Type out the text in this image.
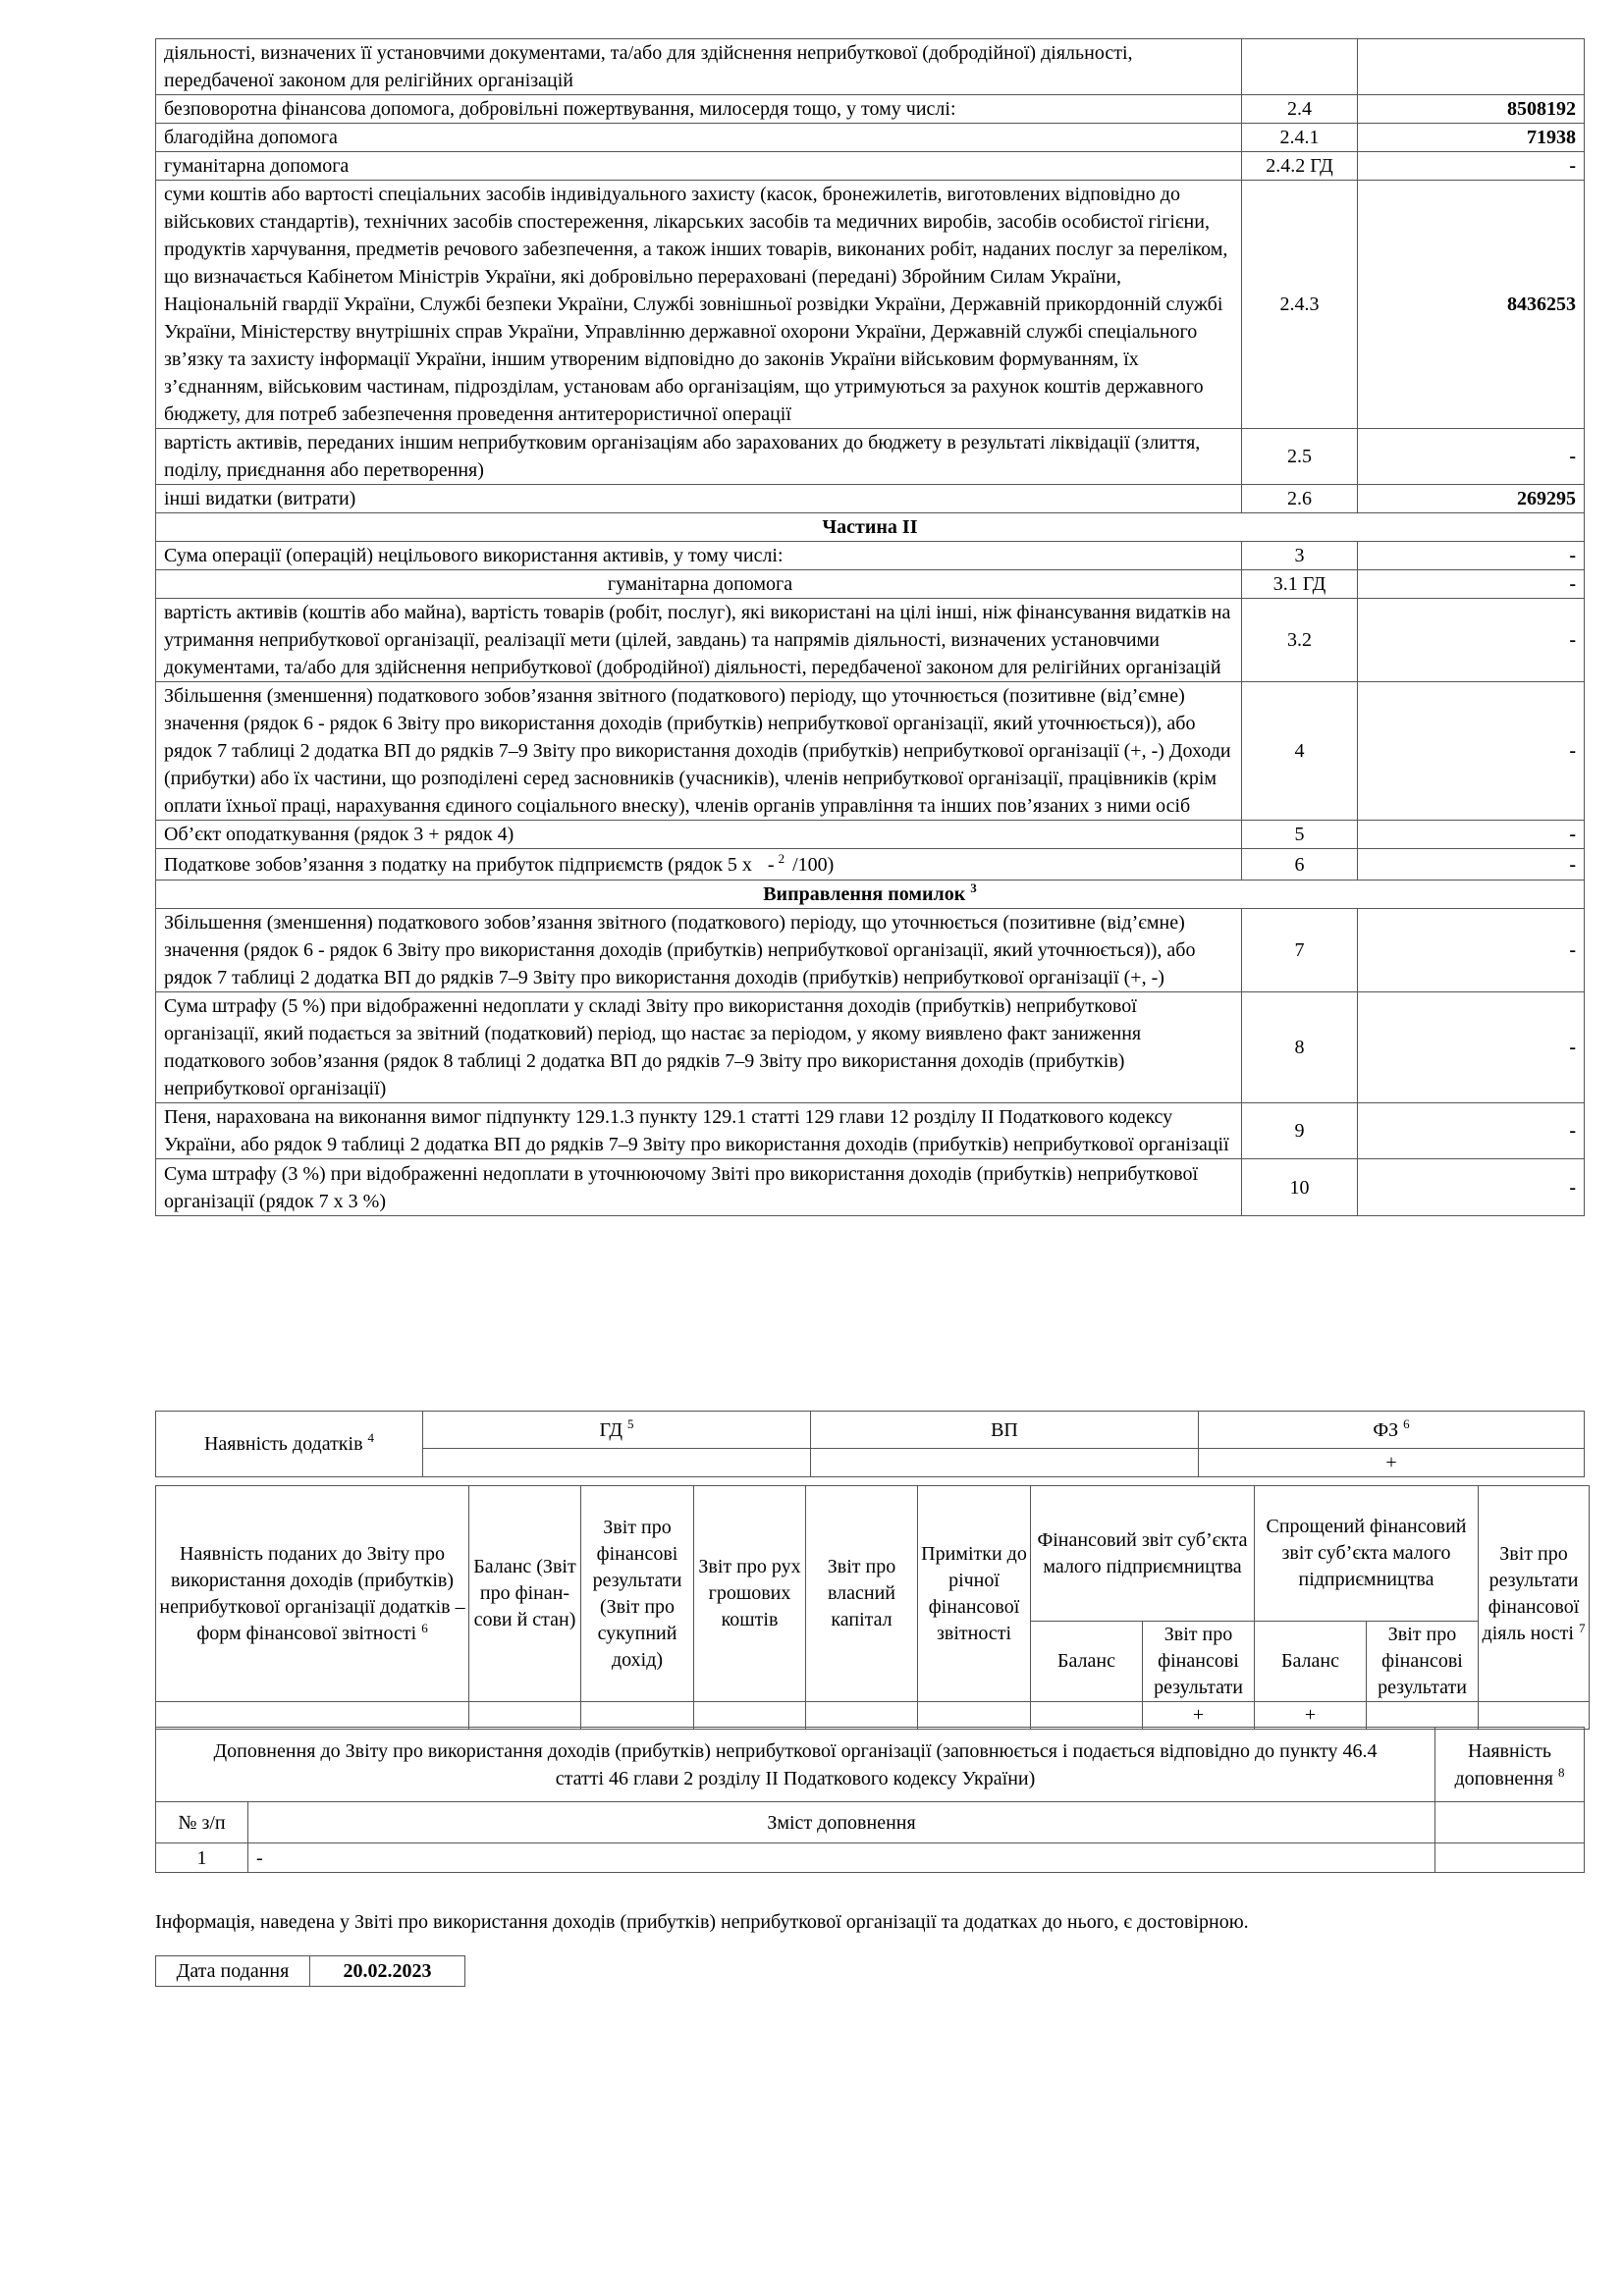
діяльності, визначених її установчими документами, та/або для здійснення неприбуткової (добродійної) діяльності, передбаченої законом для релігійних організацій		
безповоротна фінансова допомога, добровільні пожертвування, милосердя тощо, у тому числі:	2.4	8508192
благодійна допомога	2.4.1	71938
гуманітарна допомога	2.4.2 ГД	-
суми коштів або вартості спеціальних засобів індивідуального захисту (касок, бронежилетів, виготовлених відповідно до військових стандартів), технічних засобів спостереження, лікарських засобів та медичних виробів, засобів особистої гігієни, продуктів харчування, предметів речового забезпечення, а також інших товарів, виконаних робіт, наданих послуг за переліком, що визначається Кабінетом Міністрів України, які добровільно перераховані (передані) Збройним Силам України, Національній гвардії України, Службі безпеки України, Службі зовнішньої розвідки України, Державній прикордонній службі України, Міністерству внутрішніх справ України, Управлінню державної охорони України, Державній службі спеціального зв’язку та захисту інформації України, іншим утвореним відповідно до законів України військовим формуванням, їх з’єднанням, військовим частинам, підрозділам, установам або організаціям, що утримуються за рахунок коштів державного бюджету, для потреб забезпечення проведення антитерористичної операції	2.4.3	8436253
вартість активів, переданих іншим неприбутковим організаціям або зарахованих до бюджету в результаті ліквідації (злиття, поділу, приєднання або перетворення)	2.5	-
інші видатки (витрати)	2.6	269295
Частина ІІ		
Сума операції (операцій) нецільового використання активів, у тому числі:	3	-
гуманітарна допомога	3.1 ГД	-
вартість активів (коштів або майна), вартість товарів (робіт, послуг), які використані на цілі інші, ніж фінансування видатків на утримання неприбуткової організації, реалізації мети (цілей, завдань) та напрямів діяльності, визначених установчими документами, та/або для здійснення неприбуткової (добродійної) діяльності, передбаченої законом для релігійних організацій	3.2	-
Збільшення (зменшення) податкового зобов’язання звітного (податкового) періоду, що уточнюється (позитивне (від’ємне) значення (рядок 6 - рядок 6 Звіту про використання доходів (прибутків) неприбуткової організації, який уточнюється)), або рядок 7 таблиці 2 додатка ВП до рядків 7–9 Звіту про використання доходів (прибутків) неприбуткової організації (+, -) Доходи (прибутки) або їх частини, що розподілені серед засновників (учасників), членів неприбуткової організації, працівників (крім оплати їхньої праці, нарахування єдиного соціального внеску), членів органів управління та інших пов’язаних з ними осіб	4	-
Об’єкт оподаткування (рядок 3 + рядок 4)	5	-
Податкове зобов’язання з податку на прибуток підприємств (рядок 5 х - $^2$ /100)	6	-
Виправлення помилок $^3$
Збільшення (зменшення) податкового зобов’язання звітного (податкового) періоду, що уточнюється (позитивне (від’ємне) значення (рядок 6 - рядок 6 Звіту про використання доходів (прибутків) неприбуткової організації, який уточнюється)), або рядок 7 таблиці 2 додатка ВП до рядків 7–9 Звіту про використання доходів (прибутків) неприбуткової організації (+, -)	7	-
Сума штрафу (5 %) при відображенні недоплати у складі Звіту про використання доходів (прибутків) неприбуткової організації, який подається за звітний (податковий) період, що настає за періодом, у якому виявлено факт заниження податкового зобов’язання (рядок 8 таблиці 2 додатка ВП до рядків 7–9 Звіту про використання доходів (прибутків) неприбуткової організації)	8	-
Пеня, нарахована на виконання вимог підпункту 129.1.3 пункту 129.1 статті 129 глави 12 розділу II Податкового кодексу України, або рядок 9 таблиці 2 додатка ВП до рядків 7–9 Звіту про використання доходів (прибутків) неприбуткової організації	9	-
Сума штрафу (3 %) при відображенні недоплати в уточнюючому Звіті про використання доходів (прибутків) неприбуткової організації (рядок 7 х 3 %)	10	-
Наявність додатків $^4$	ГД $^5$	ВП	ФЗ $^6$
			+
Наявність поданих до Звіту про використання доходів (прибутків) неприбуткової організації додатків – форм фінансової звітності $^6$	Баланс (Звіт про фінан-сови й стан)	Звіт про фінансові результати (Звіт про сукупний дохід)	Звіт про рух грошових коштів	Звіт про власний капітал	Примітки до річної фінансової звітності	Фінансовий звіт суб’єкта малого підприємництва		Спрощений фінансовий звіт суб’єкта малого підприємництва		Звіт про результати фінансової діяль ності $^7$
						Баланс	Звіт про фінансові результати	Баланс	Звіт про фінансові результати	
							+	+		
Доповнення до Звіту про використання доходів (прибутків) неприбуткової організації (заповнюється і подається відповідно до пункту 46.4 статті 46 глави 2 розділу II Податкового кодексу України)		Наявність доповнення $^8$
№ з/п	Зміст доповнення	
1	-	
Інформація, наведена у Звіті про використання доходів (прибутків) неприбуткової організації та додатках до нього, є достовірною.
Дата подання	20.02.2023
